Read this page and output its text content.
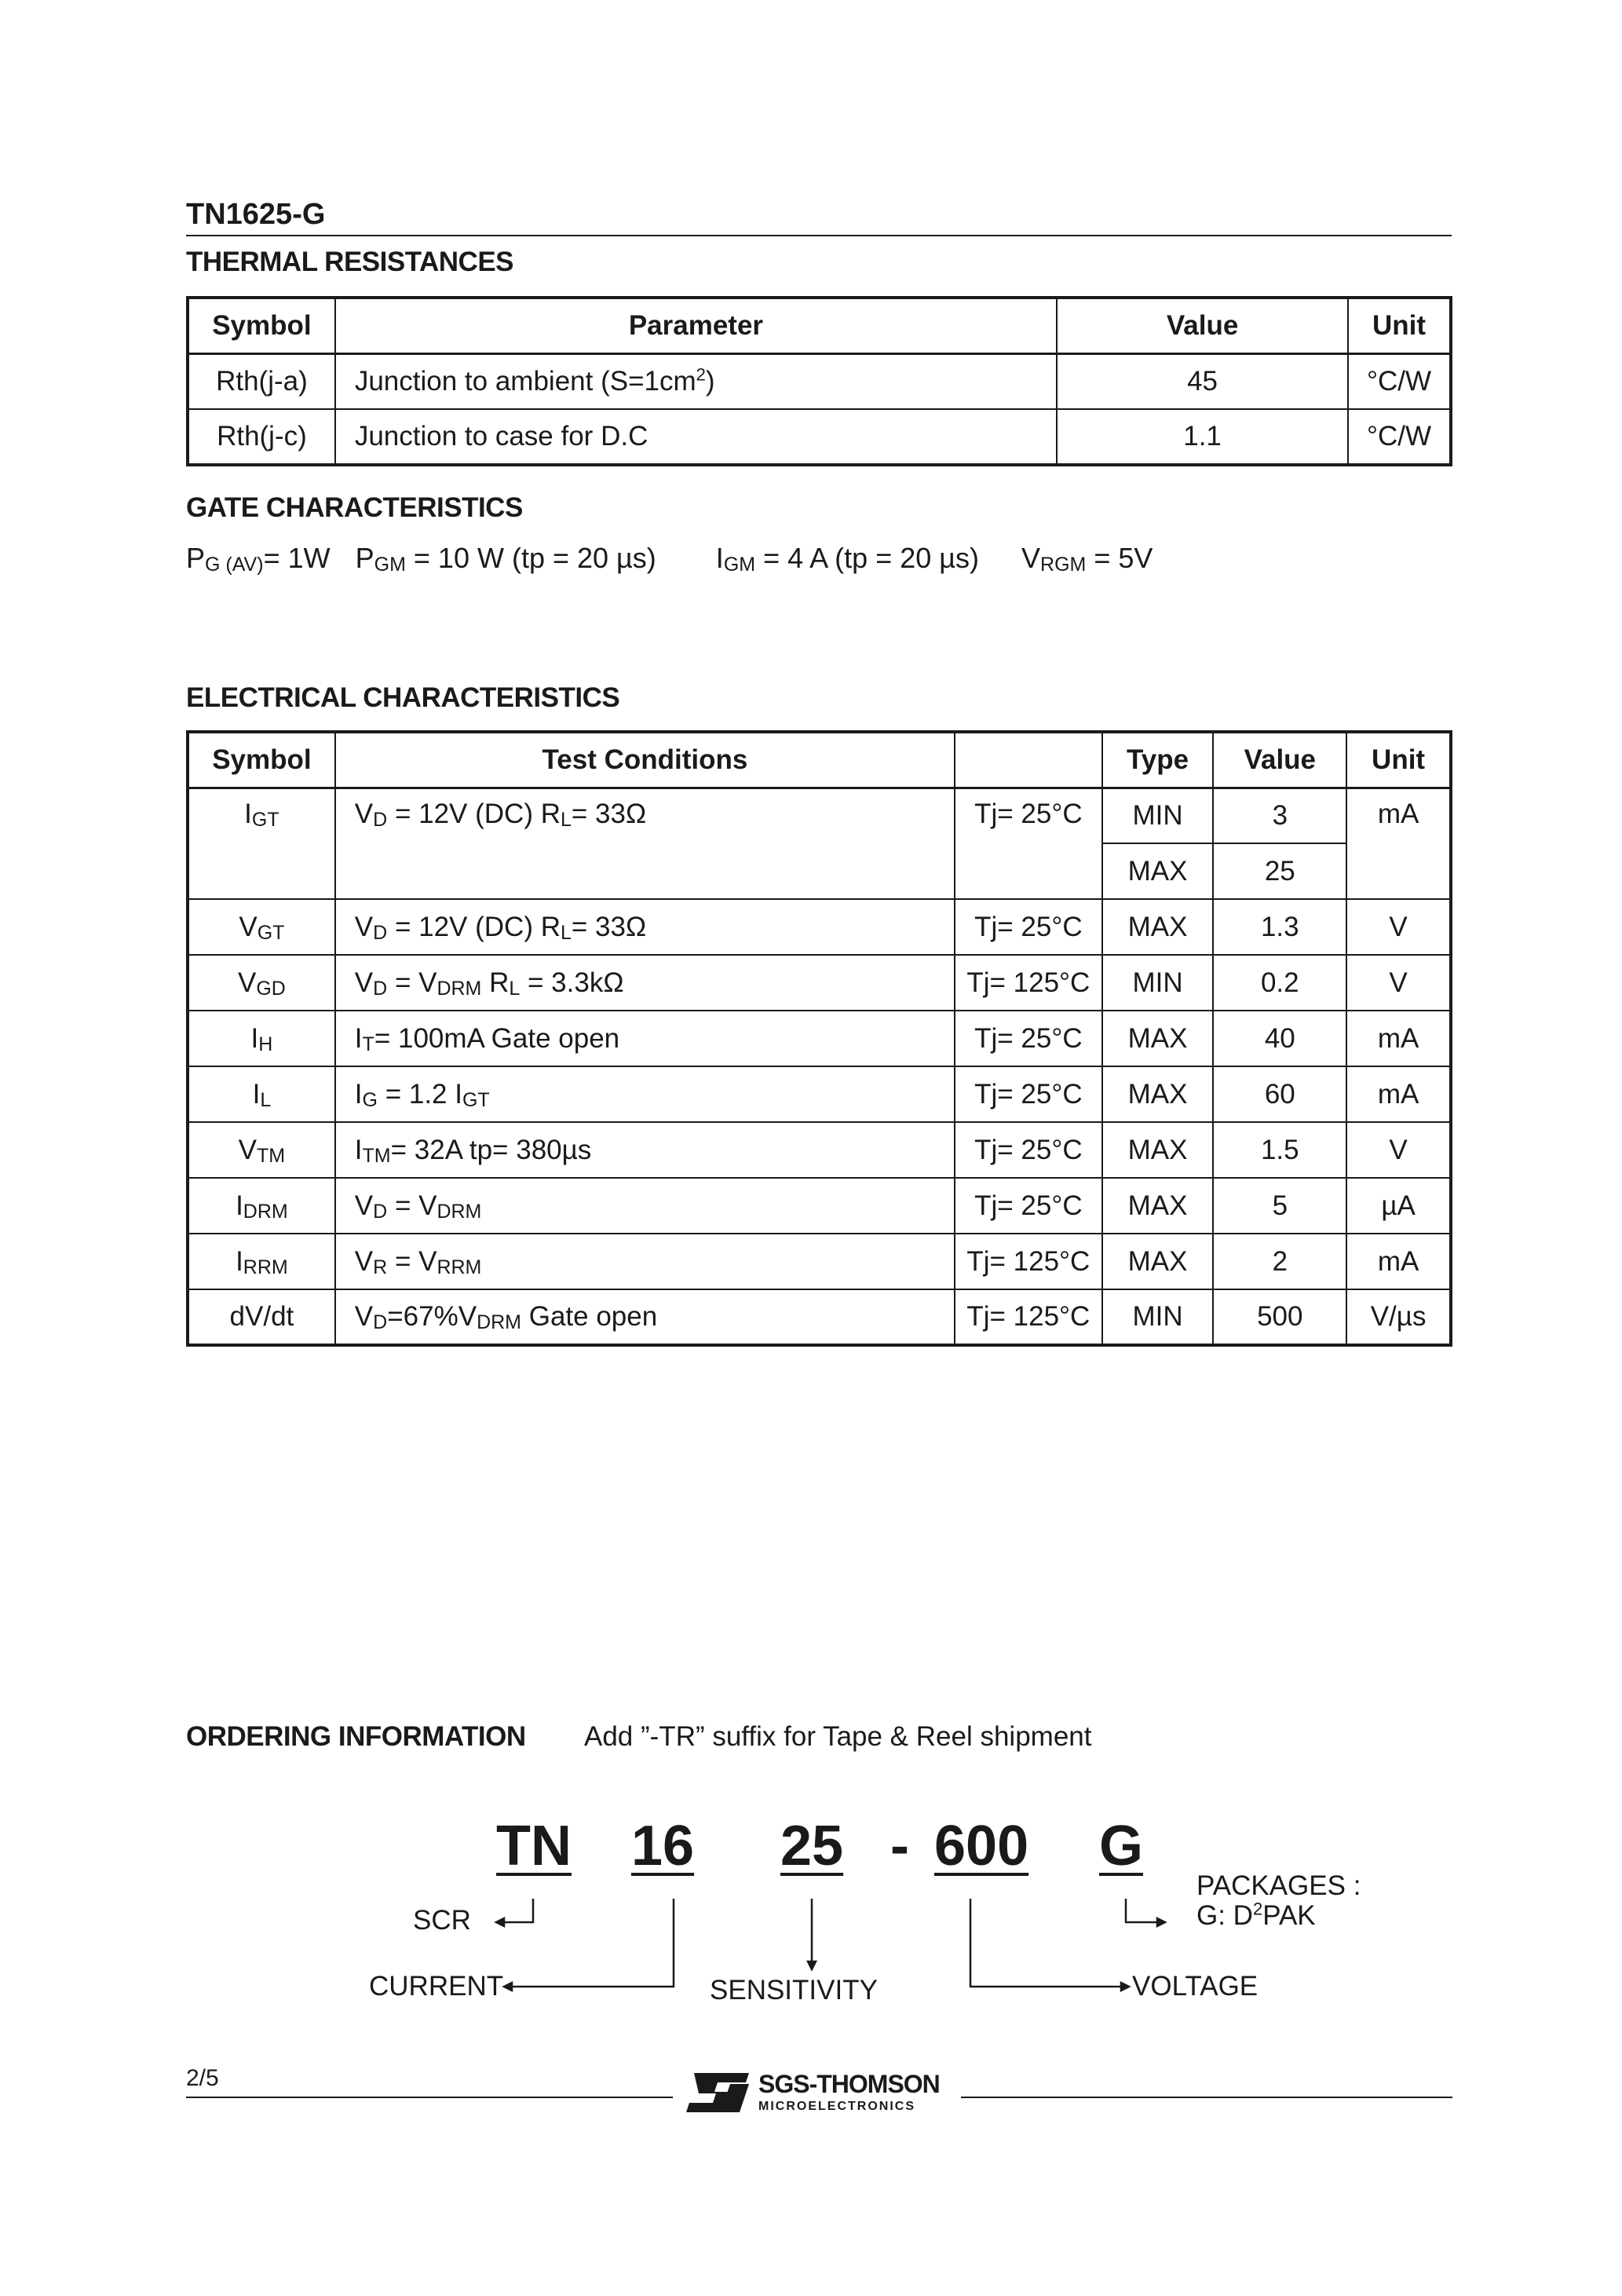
TN1625-G
THERMAL RESISTANCES
Symbol	Parameter	Value	Unit
Rth(j-a)	Junction to ambient $(S=1cm^2)$	45	°C/W
Rth(j-c)	Junction to case for D.C	1.1	°C/W
GATE CHARACTERISTICS
PG (AV)= 1W PGM = 10 W (tp = 20 µs) IGM = 4 A (tp = 20 µs) VRGM = 5V
ELECTRICAL CHARACTERISTICS
Symbol	Test Conditions		Type	Value	Unit
IGT	$V_D = 12V$ (DC) $R_L= 33\Omega$	Tj= 25°C	MIN	3	mA
			MAX	25	
VGT	$V_D = 12V$ (DC) $R_L= 33\Omega$	Tj= 25°C	MAX	1.3	V
VGD	$V_D = V_{DRM}$ $R_L = 3.3k\Omega$	Tj= 125°C	MIN	0.2	V
IH	$I_T= 100mA$ Gate open	Tj= 25°C	MAX	40	mA
IL	$I_G = 1.2$ $I_{GT}$	Tj= 25°C	MAX	60	mA
VTM	$I_{TM}= 32A$ tp= 380µs	Tj= 25°C	MAX	1.5	V
IDRM	$V_D = V_{DRM}$	Tj= 25°C	MAX	5	µA
IRRM	$V_R = V_{RRM}$	Tj= 125°C	MAX	2	mA
dV/dt	$V_D=67\%V_{DRM}$ Gate open	Tj= 125°C	MIN	500	V/µs
ORDERING INFORMATION Add ”-TR” suffix for Tape & Reel shipment
TN 16 25 - 600 G
SCR
CURRENT	SENSITIVITY	VOLTAGE
PACKAGES :
G: $D^2PAK$
2/5	SGS-THOMSON
MICROELECTRONICS
